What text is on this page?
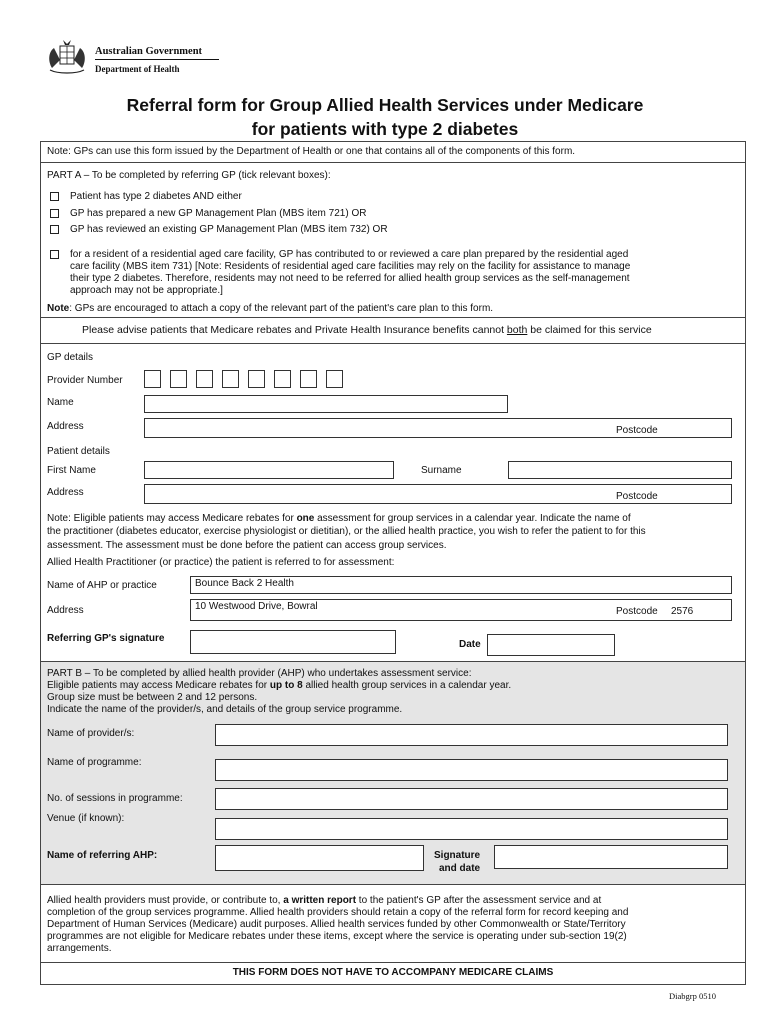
Australian Government
Department of Health
Referral form for Group Allied Health Services under Medicare
for patients with type 2 diabetes
Note: GPs can use this form issued by the Department of Health or one that contains all of the components of this form.
PART A – To be completed by referring GP (tick relevant boxes):
Patient has type 2 diabetes AND either
GP has prepared a new GP Management Plan (MBS item 721) OR
GP has reviewed an existing GP Management Plan (MBS item 732) OR
for a resident of a residential aged care facility, GP has contributed to or reviewed a care plan prepared by the residential aged
care facility (MBS item 731) [Note: Residents of residential aged care facilities may rely on the facility for assistance to manage
their type 2 diabetes. Therefore, residents may not need to be referred for allied health group services as the self-management
approach may not be appropriate.]
Note: GPs are encouraged to attach a copy of the relevant part of the patient's care plan to this form.
Please advise patients that Medicare rebates and Private Health Insurance benefits cannot both be claimed for this service
GP details
Provider Number
Name
Address	Postcode
Patient details
First Name	Surname
Address	Postcode
Note: Eligible patients may access Medicare rebates for one assessment for group services in a calendar year. Indicate the name of
the practitioner (diabetes educator, exercise physiologist or dietitian), or the allied health practice, you wish to refer the patient to for this
assessment. The assessment must be done before the patient can access group services.
Allied Health Practitioner (or practice) the patient is referred to for assessment:
Name of AHP or practice	Bounce Back 2 Health
Address	10 Westwood Drive, Bowral	Postcode 2576
Referring GP's signature
Date
PART B – To be completed by allied health provider (AHP) who undertakes assessment service:
Eligible patients may access Medicare rebates for up to 8 allied health group services in a calendar year.
Group size must be between 2 and 12 persons.
Indicate the name of the provider/s, and details of the group service programme.
Name of provider/s:
Name of programme:
No. of sessions in programme:
Venue (if known):
Name of referring AHP:	Signature
and date
Allied health providers must provide, or contribute to, a written report to the patient's GP after the assessment service and at
completion of the group services programme. Allied health providers should retain a copy of the referral form for record keeping and
Department of Human Services (Medicare) audit purposes. Allied health services funded by other Commonwealth or State/Territory
programmes are not eligible for Medicare rebates under these items, except where the service is operating under sub-section 19(2)
arrangements.
THIS FORM DOES NOT HAVE TO ACCOMPANY MEDICARE CLAIMS
Diabgrp 0510
